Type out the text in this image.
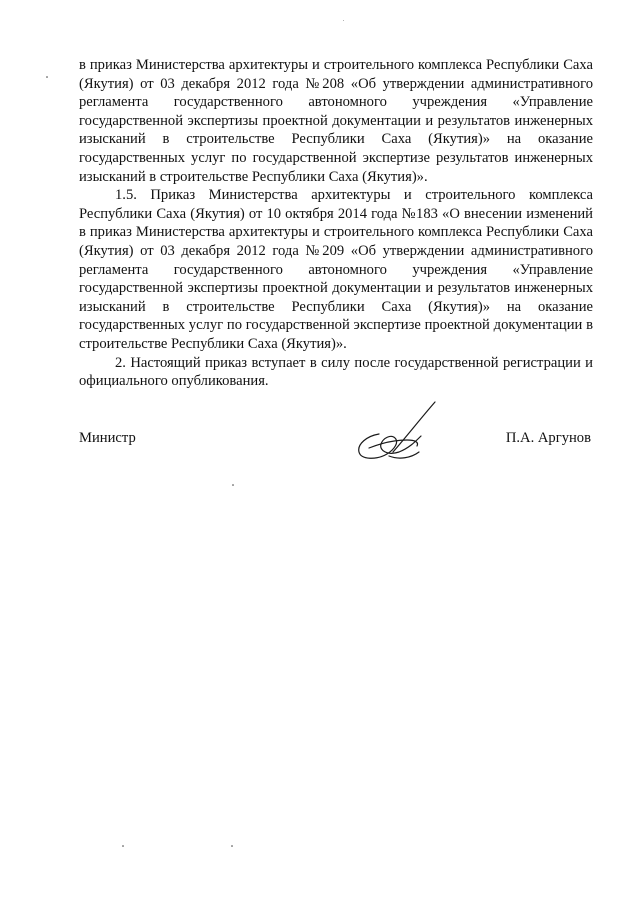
в приказ Министерства архитектуры и строительного комплекса Республики Саха (Якутия) от 03 декабря 2012 года №208 «Об утверждении административного регламента государственного автономного учреждения «Управление государственной экспертизы проектной документации и результатов инженерных изысканий в строительстве Республики Саха (Якутия)» на оказание государственных услуг по государственной экспертизе результатов инженерных изысканий в строительстве Республики Саха (Якутия)».

1.5. Приказ Министерства архитектуры и строительного комплекса Республики Саха (Якутия) от 10 октября 2014 года №183 «О внесении изменений в приказ Министерства архитектуры и строительного комплекса Республики Саха (Якутия) от 03 декабря 2012 года №209 «Об утверждении административного регламента государственного автономного учреждения «Управление государственной экспертизы проектной документации и результатов инженерных изысканий в строительстве Республики Саха (Якутия)» на оказание государственных услуг по государственной экспертизе проектной документации в строительстве Республики Саха (Якутия)».

2. Настоящий приказ вступает в силу после государственной регистрации и официального опубликования.

Министр	П.А. Аргунов
